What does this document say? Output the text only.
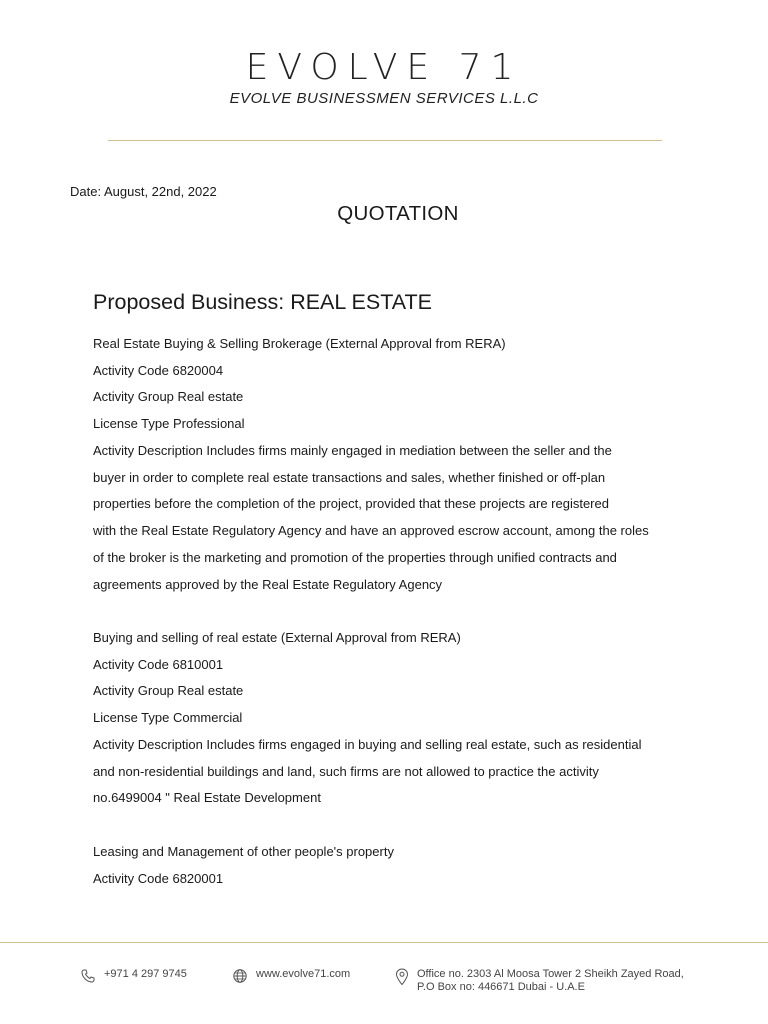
EVOLVE 71
EVOLVE BUSINESSMEN SERVICES L.L.C
Date: August, 22nd, 2022
QUOTATION
Proposed Business: REAL ESTATE
Real Estate Buying & Selling Brokerage (External Approval from RERA)
Activity Code 6820004
Activity Group Real estate
License Type Professional
Activity Description Includes firms mainly engaged in mediation between the seller and the
buyer in order to complete real estate transactions and sales, whether finished or off-plan
properties before the completion of the project, provided that these projects are registered
with the Real Estate Regulatory Agency and have an approved escrow account, among the roles
of the broker is the marketing and promotion of the properties through unified contracts and
agreements approved by the Real Estate Regulatory Agency
Buying and selling of real estate (External Approval from RERA)
Activity Code 6810001
Activity Group Real estate
License Type Commercial
Activity Description Includes firms engaged in buying and selling real estate, such as residential
and non-residential buildings and land, such firms are not allowed to practice the activity
no.6499004 " Real Estate Development
Leasing and Management of other people's property
Activity Code 6820001
+971 4 297 9745	www.evolve71.com	Office no. 2303 Al Moosa Tower 2 Sheikh Zayed Road,
P.O Box no: 446671 Dubai - U.A.E
